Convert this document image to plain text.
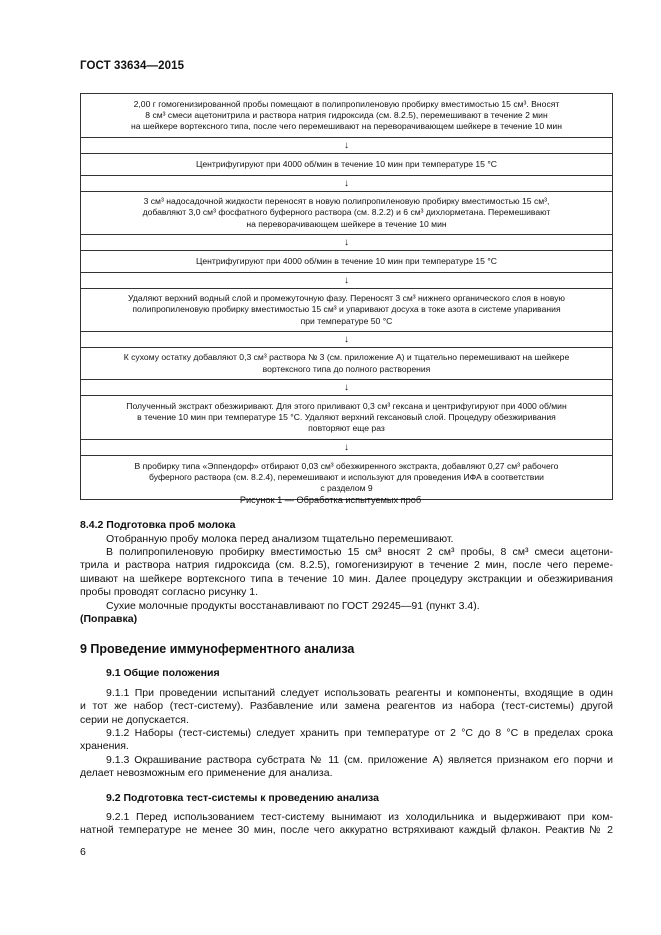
ГОСТ 33634—2015
2,00 г гомогенизированной пробы помещают в полипропиленовую пробирку вместимостью 15 см³. Вносят
8 см³ смеси ацетонитрила и раствора натрия гидроксида (см. 8.2.5), перемешивают в течение 2 мин
на шейкере вортексного типа, после чего перемешивают на переворачивающем шейкере в течение 10 мин
↓
Центрифугируют при 4000 об/мин в течение 10 мин при температуре 15 °С
↓
3 см³ надосадочной жидкости переносят в новую полипропиленовую пробирку вместимостью 15 см³,
добавляют 3,0 см³ фосфатного буферного раствора (см. 8.2.2) и 6 см³ дихлорметана. Перемешивают
на переворачивающем шейкере в течение 10 мин
↓
Центрифугируют при 4000 об/мин в течение 10 мин при температуре 15 °С
↓
Удаляют верхний водный слой и промежуточную фазу. Переносят 3 см³ нижнего органического слоя в новую
полипропиленовую пробирку вместимостью 15 см³ и упаривают досуха в токе азота в системе упаривания
при температуре 50 °С
↓
К сухому остатку добавляют 0,3 см³ раствора № 3 (см. приложение А) и тщательно перемешивают на шейкере
вортексного типа до полного растворения
↓
Полученный экстракт обезжиривают. Для этого приливают 0,3 см³ гексана и центрифугируют при 4000 об/мин
в течение 10 мин при температуре 15 °С. Удаляют верхний гексановый слой. Процедуру обезжиривания
повторяют еще раз
↓
В пробирку типа «Эппендорф» отбирают 0,03 см³ обезжиренного экстракта, добавляют 0,27 см³ рабочего
буферного раствора (см. 8.2.4), перемешивают и используют для проведения ИФА в соответствии
с разделом 9
Рисунок 1 — Обработка испытуемых проб
8.4.2 Подготовка проб молока
Отобранную пробу молока перед анализом тщательно перемешивают.
В полипропиленовую пробирку вместимостью 15 см³ вносят 2 см³ пробы, 8 см³ смеси ацетони-
трила и раствора натрия гидроксида (см. 8.2.5), гомогенизируют в течение 2 мин, после чего переме-
шивают на шейкере вортексного типа в течение 10 мин. Далее процедуру экстракции и обезжиривания
пробы проводят согласно рисунку 1.
Сухие молочные продукты восстанавливают по ГОСТ 29245—91 (пункт 3.4).
(Поправка)
9 Проведение иммуноферментного анализа
9.1 Общие положения
9.1.1 При проведении испытаний следует использовать реагенты и компоненты, входящие в один
и тот же набор (тест-систему). Разбавление или замена реагентов из набора (тест-системы) другой
серии не допускается.
9.1.2 Наборы (тест-системы) следует хранить при температуре от 2 °С до 8 °С в пределах срока
хранения.
9.1.3 Окрашивание раствора субстрата № 11 (см. приложение А) является признаком его порчи и
делает невозможным его применение для анализа.
9.2 Подготовка тест-системы к проведению анализа
9.2.1 Перед использованием тест-систему вынимают из холодильника и выдерживают при ком-
натной температуре не менее 30 мин, после чего аккуратно встряхивают каждый флакон. Реактив № 2
6
